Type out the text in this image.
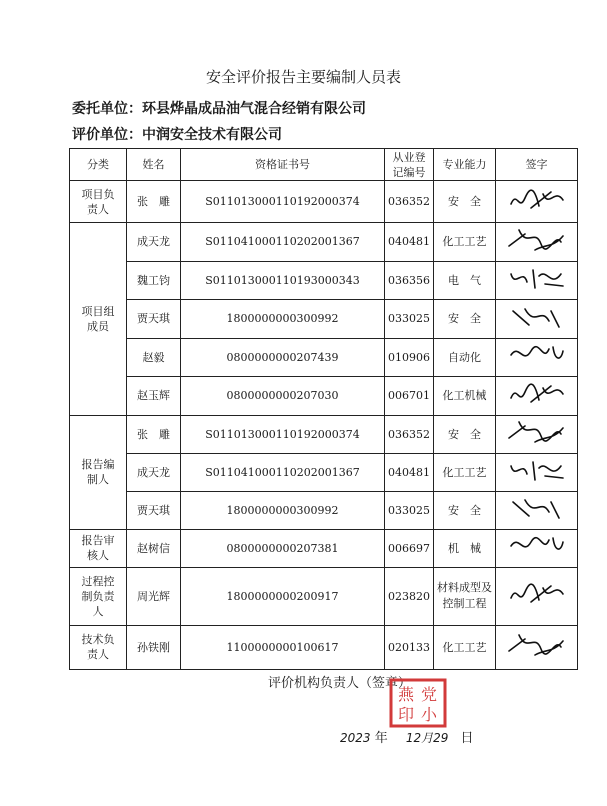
安全评价报告主要编制人员表
委托单位：环县烨晶成品油气混合经销有限公司
评价单位：中润安全技术有限公司
分类	姓名	资格证书号	从业登记编号	专业能力	签字

项目负责人	张　雕	S011013000110192000374	036352	安　全	

项目组成员	成天龙	S011041000110202001367	040481	化工工艺	
	魏工钧	S011013000110193000343	036356	电　气	
	贾天琪	1800000000300992	033025	安　全	
	赵毅	0800000000207439	010906	自动化	
	赵玉辉	0800000000207030	006701	化工机械	

报告编制人	张　雕	S011013000110192000374	036352	安　全	
	成天龙	S011041000110202001367	040481	化工工艺	
	贾天琪	1800000000300992	033025	安　全	

报告审核人	赵树信	0800000000207381	006697	机　械	

过程控制负责人	周光辉	1800000000200917	023820	材料成型及控制工程	

技术负责人	孙铁刚	1100000000100617	020133	化工工艺	
评价机构负责人（签章）
党
小
燕
印
2023 年 12月29 日
